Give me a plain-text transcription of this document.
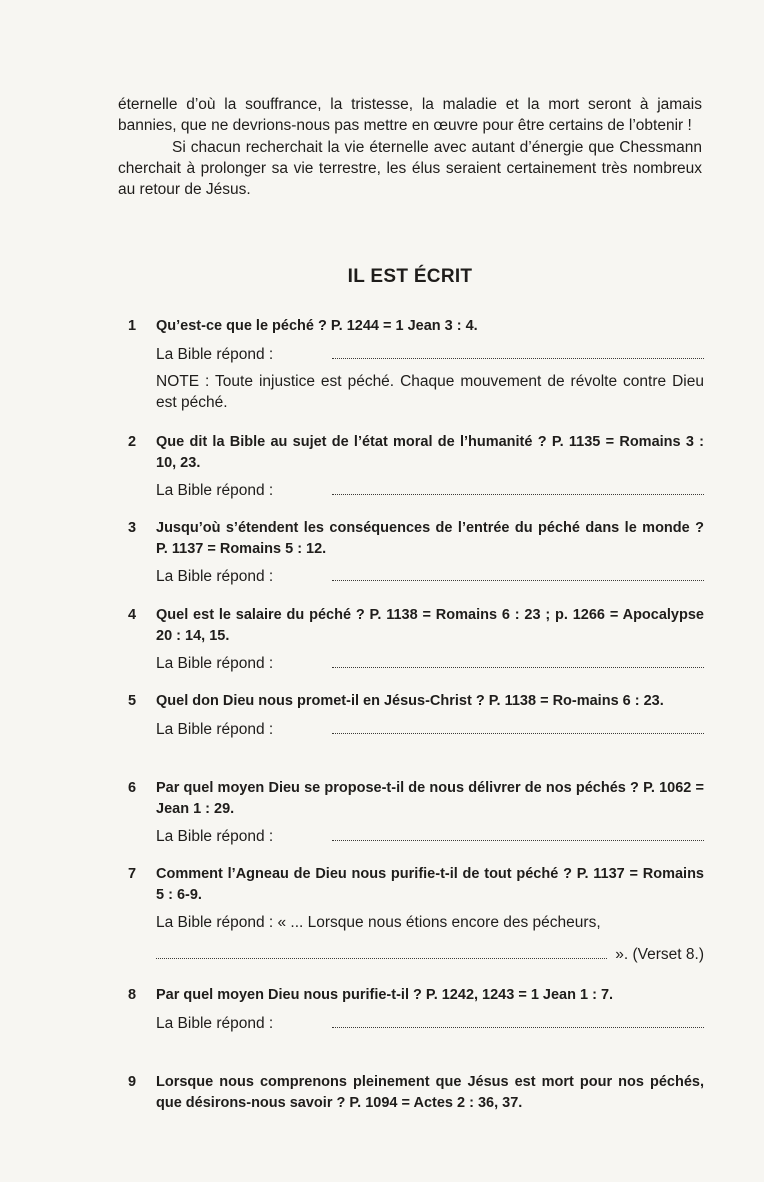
éternelle d’où la souffrance, la tristesse, la maladie et la mort seront à jamais bannies, que ne devrions-nous pas mettre en œuvre pour être certains de l’obtenir !

Si chacun recherchait la vie éternelle avec autant d’énergie que Chessmann cherchait à prolonger sa vie terrestre, les élus seraient certainement très nombreux au retour de Jésus.

IL EST ÉCRIT
1 Qu’est-ce que le péché ? P. 1244 = 1 Jean 3 : 4.
La Bible répond :
NOTE : Toute injustice est péché. Chaque mouvement de révolte contre Dieu est péché.
2 Que dit la Bible au sujet de l’état moral de l’humanité ? P. 1135 = Romains 3 : 10, 23.
La Bible répond :
3 Jusqu’où s’étendent les conséquences de l’entrée du péché dans le monde ? P. 1137 = Romains 5 : 12.
La Bible répond :
4 Quel est le salaire du péché ? P. 1138 = Romains 6 : 23 ; p. 1266 = Apocalypse 20 : 14, 15.
La Bible répond :
5 Quel don Dieu nous promet-il en Jésus-Christ ? P. 1138 = Ro-mains 6 : 23.
La Bible répond :
6 Par quel moyen Dieu se propose-t-il de nous délivrer de nos péchés ? P. 1062 = Jean 1 : 29.
La Bible répond :
7 Comment l’Agneau de Dieu nous purifie-t-il de tout péché ? P. 1137 = Romains 5 : 6-9.
La Bible répond : « ... Lorsque nous étions encore des pécheurs,
». (Verset 8.)
8 Par quel moyen Dieu nous purifie-t-il ? P. 1242, 1243 = 1 Jean 1 : 7.
La Bible répond :
9 Lorsque nous comprenons pleinement que Jésus est mort pour nos péchés, que désirons-nous savoir ? P. 1094 = Actes 2 : 36, 37.
